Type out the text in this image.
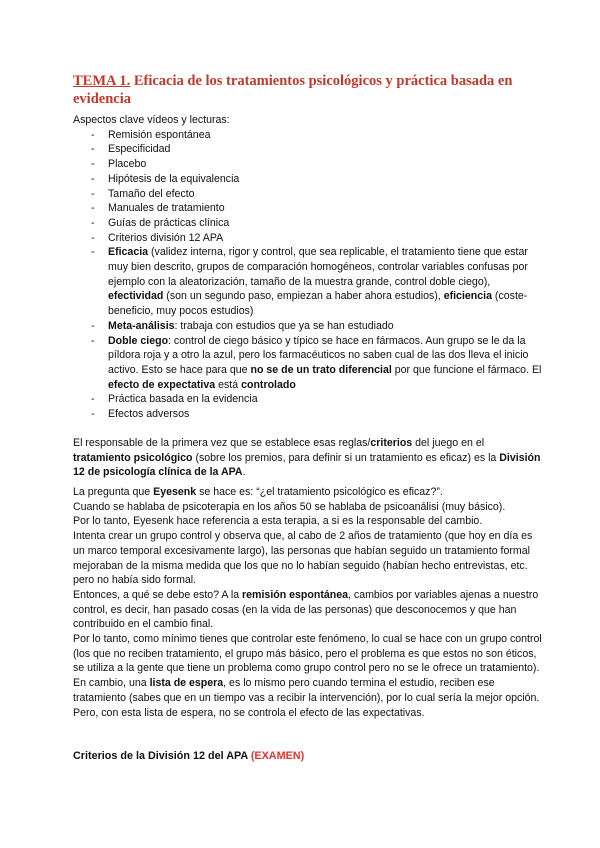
TEMA 1. Eficacia de los tratamientos psicológicos y práctica basada en evidencia

Aspectos clave vídeos y lecturas:

- Remisión espontánea
- Especificidad
- Placebo
- Hipótesis de la equivalencia
- Tamaño del efecto
- Manuales de tratamiento
- Guías de prácticas clínica
- Criterios división 12 APA
- Eficacia (validez interna, rigor y control, que sea replicable, el tratamiento tiene que estar muy bien descrito, grupos de comparación homogéneos, controlar variables confusas por ejemplo con la aleatorización, tamaño de la muestra grande, control doble ciego), efectividad (son un segundo paso, empiezan a haber ahora estudios), eficiencia (coste-beneficio, muy pocos estudios)
- Meta-análisis: trabaja con estudios que ya se han estudiado
- Doble ciego: control de ciego básico y típico se hace en fármacos. Aun grupo se le da la píldora roja y a otro la azul, pero los farmacéuticos no saben cual de las dos lleva el inicio activo. Esto se hace para que no se de un trato diferencial por que funcione el fármaco. El efecto de expectativa está controlado
- Práctica basada en la evidencia
- Efectos adversos

El responsable de la primera vez que se establece esas reglas/criterios del juego en el tratamiento psicológico (sobre los premios, para definir si un tratamiento es eficaz) es la División 12 de psicología clínica de la APA.

La pregunta que Eyesenk se hace es: “¿el tratamiento psicológico es eficaz?”.

Cuando se hablaba de psicoterapia en los años 50 se hablaba de psicoanálisi (muy básico).

Por lo tanto, Eyesenk hace referencia a esta terapia, a si es la responsable del cambio.

Intenta crear un grupo control y observa que, al cabo de 2 años de tratamiento (que hoy en día es un marco temporal excesivamente largo), las personas que habían seguido un tratamiento formal mejoraban de la misma medida que los que no lo habían seguido (habían hecho entrevistas, etc. pero no había sido formal.

Entonces, a qué se debe esto? A la remisión espontánea, cambios por variables ajenas a nuestro control, es decir, han pasado cosas (en la vida de las personas) que desconocemos y que han contribuido en el cambio final.

Por lo tanto, como mínimo tienes que controlar este fenómeno, lo cual se hace con un grupo control (los que no reciben tratamiento, el grupo más básico, pero el problema es que estos no son éticos, se utiliza a la gente que tiene un problema como grupo control pero no se le ofrece un tratamiento). En cambio, una lista de espera, es lo mismo pero cuando termina el estudio, reciben ese tratamiento (sabes que en un tiempo vas a recibir la intervención), por lo cual sería la mejor opción.

Pero, con esta lista de espera, no se controla el efecto de las expectativas.

Criterios de la División 12 del APA (EXAMEN)
